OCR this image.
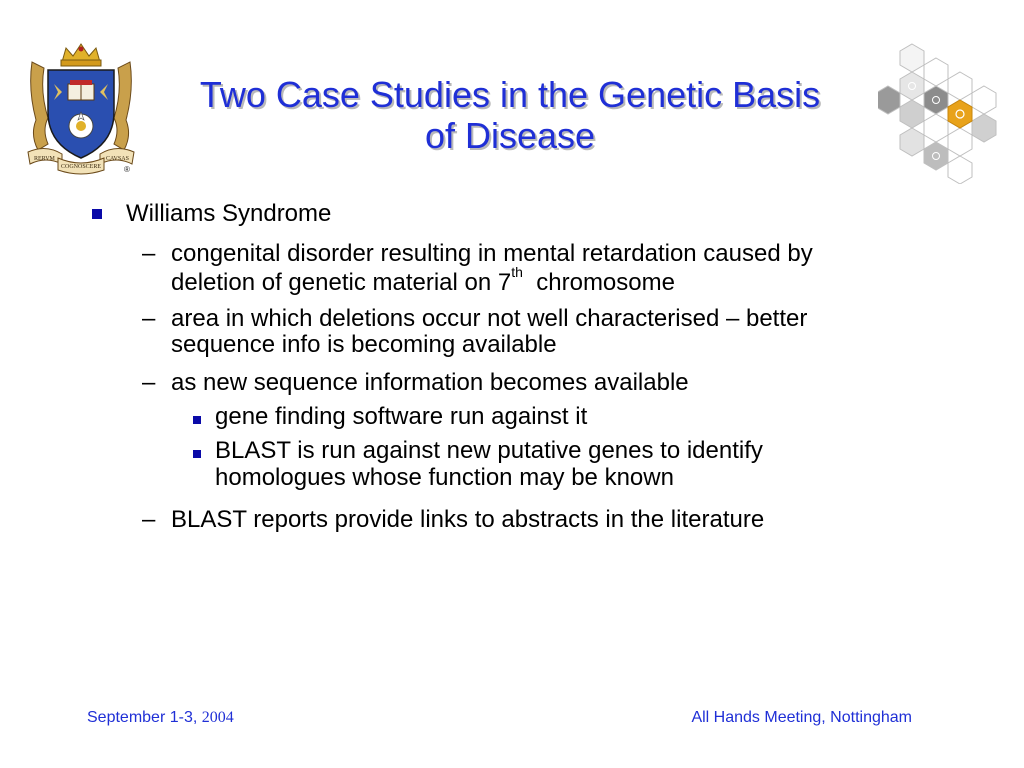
RERVM
COGNOSCERE
CAVSAS
®
Two Case Studies in the Genetic Basis
of Disease
Williams Syndrome
– congenital disorder resulting in mental retardation caused by
deletion of genetic material on 7th chromosome
– area in which deletions occur not well characterised – better
sequence info is becoming available
– as new sequence information becomes available
gene finding software run against it
BLAST is run against new putative genes to identify
homologues whose function may be known
– BLAST reports provide links to abstracts in the literature
September 1-3, 2004	All Hands Meeting, Nottingham
